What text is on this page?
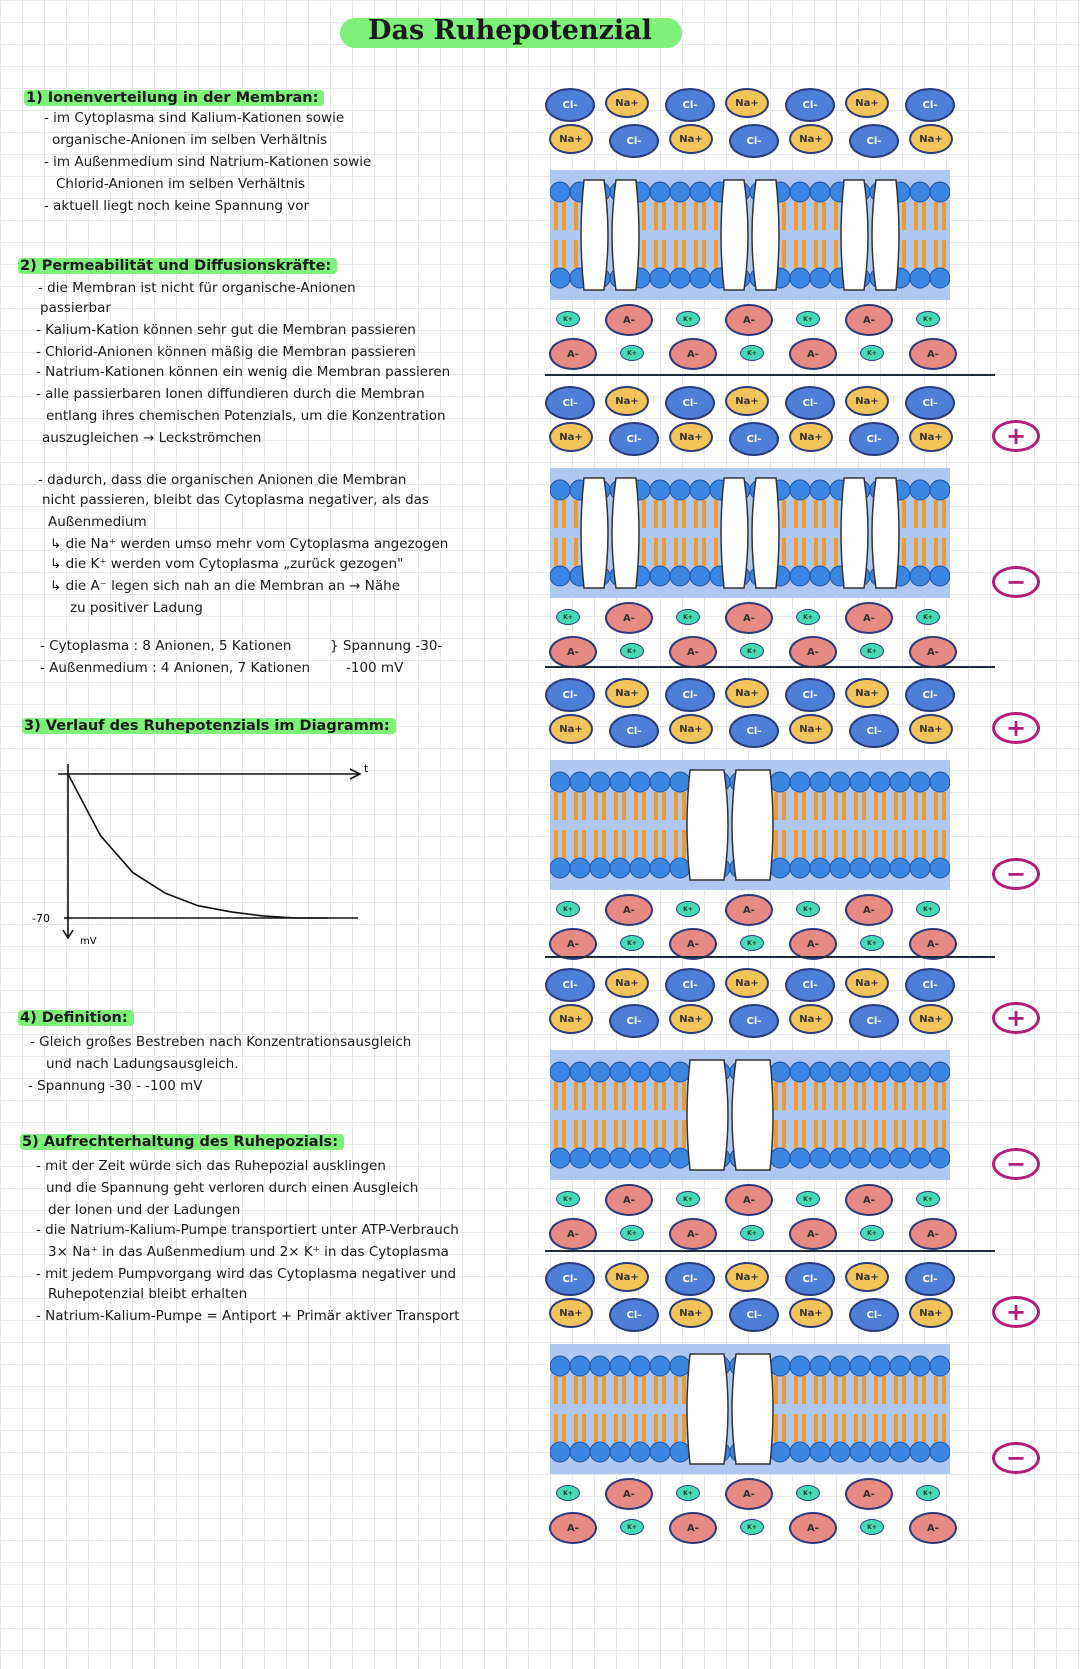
Das Ruhepotenzial
1) Ionenverteilung in der Membran:
- im Cytoplasma sind Kalium-Kationen sowie
organische-Anionen im selben Verhältnis
- im Außenmedium sind Natrium-Kationen sowie
Chlorid-Anionen im selben Verhältnis
- aktuell liegt noch keine Spannung vor
2) Permeabilität und Diffusionskräfte:
- die Membran ist nicht für organische-Anionen
passierbar
- Kalium-Kation können sehr gut die Membran passieren
- Chlorid-Anionen können mäßig die Membran passieren
- Natrium-Kationen können ein wenig die Membran passieren
- alle passierbaren Ionen diffundieren durch die Membran
entlang ihres chemischen Potenzials, um die Konzentration
auszugleichen → Leckströmchen
- dadurch, dass die organischen Anionen die Membran
nicht passieren, bleibt das Cytoplasma negativer, als das
Außenmedium
↳ die Na⁺ werden umso mehr vom Cytoplasma angezogen
↳ die K⁺ werden vom Cytoplasma „zurück gezogen"
↳ die A⁻ legen sich nah an die Membran an → Nähe
zu positiver Ladung
- Cytoplasma : 8 Anionen, 5 Kationen
- Außenmedium : 4 Anionen, 7 Kationen
} Spannung -30-
-100 mV
3) Verlauf des Ruhepotenzials im Diagramm:
t
-70
mV
4) Definition:
- Gleich großes Bestreben nach Konzentrationsausgleich
und nach Ladungsausgleich.
- Spannung -30 - -100 mV
5) Aufrechterhaltung des Ruhepozials:
- mit der Zeit würde sich das Ruhepozial ausklingen
und die Spannung geht verloren durch einen Ausgleich
der Ionen und der Ladungen
- die Natrium-Kalium-Pumpe transportiert unter ATP-Verbrauch
3× Na⁺ in das Außenmedium und 2× K⁺ in das Cytoplasma
- mit jedem Pumpvorgang wird das Cytoplasma negativer und
Ruhepotenzial bleibt erhalten
- Natrium-Kalium-Pumpe = Antiport + Primär aktiver Transport
Cl-	Na+	Cl-	Na+	Cl-	Na+	Cl-
Na+	Cl-	Na+	Cl-	Na+	Cl-	Na+
K+	A-	K+	A-	K+	A-	K+
A-	K+	A-	K+	A-	K+	A-
Cl-	Na+	Cl-	Na+	Cl-	Na+	Cl-
Na+	Cl-	Na+	Cl-	Na+	Cl-	Na+
K+	A-	K+	A-	K+	A-	K+
A-	K+	A-	K+	A-	K+	A-
+
−
Cl-	Na+	Cl-	Na+	Cl-	Na+	Cl-
Na+	Cl-	Na+	Cl-	Na+	Cl-	Na+
K+	A-	K+	A-	K+	A-	K+
A-	K+	A-	K+	A-	K+	A-
+
−
Cl-	Na+	Cl-	Na+	Cl-	Na+	Cl-
Na+	Cl-	Na+	Cl-	Na+	Cl-	Na+
K+	A-	K+	A-	K+	A-	K+
A-	K+	A-	K+	A-	K+	A-
+
−
Cl-	Na+	Cl-	Na+	Cl-	Na+	Cl-
Na+	Cl-	Na+	Cl-	Na+	Cl-	Na+
K+	A-	K+	A-	K+	A-	K+
A-	K+	A-	K+	A-	K+	A-
+
−
